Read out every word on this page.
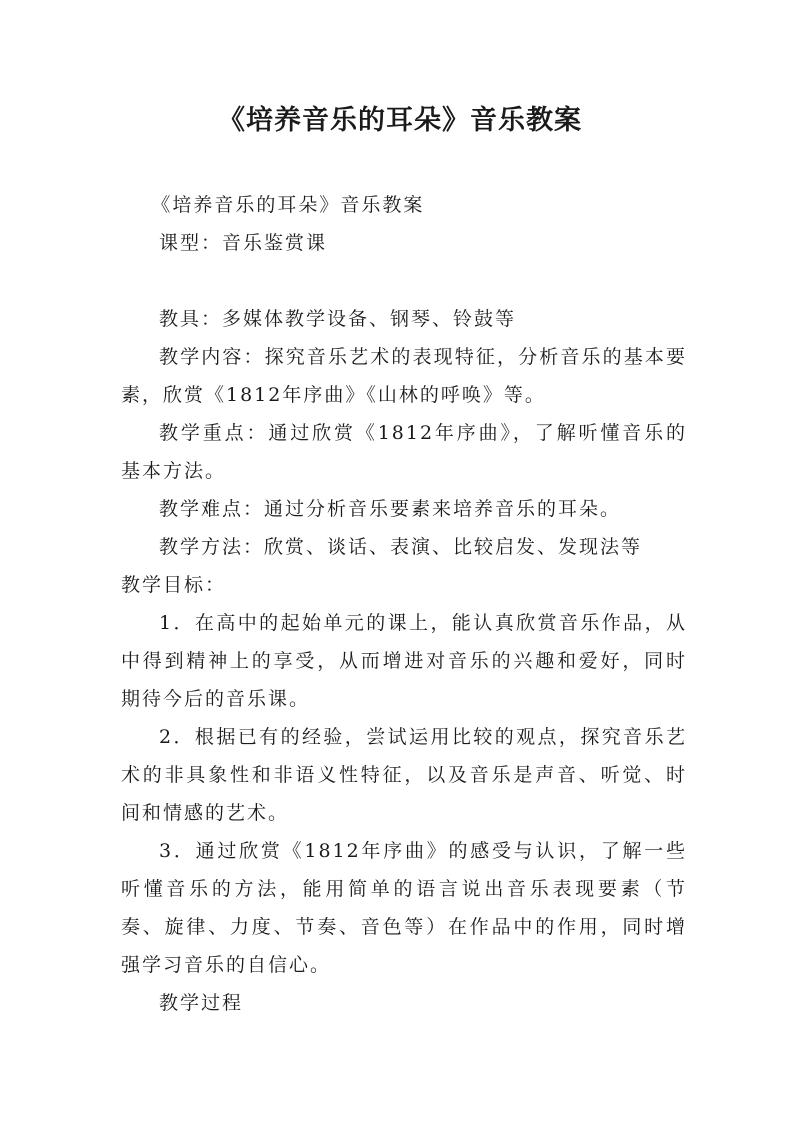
《培养音乐的耳朵》音乐教案

《培养音乐的耳朵》音乐教案

课型：音乐鉴赏课

教具：多媒体教学设备、钢琴、铃鼓等

教学内容：探究音乐艺术的表现特征，分析音乐的基本要素，欣赏《1812年序曲》《山林的呼唤》等。

教学重点：通过欣赏《1812年序曲》，了解听懂音乐的基本方法。

教学难点：通过分析音乐要素来培养音乐的耳朵。

教学方法：欣赏、谈话、表演、比较启发、发现法等

教学目标：

1．在高中的起始单元的课上，能认真欣赏音乐作品，从中得到精神上的享受，从而增进对音乐的兴趣和爱好，同时期待今后的音乐课。

2．根据已有的经验，尝试运用比较的观点，探究音乐艺术的非具象性和非语义性特征，以及音乐是声音、听觉、时间和情感的艺术。

3．通过欣赏《1812年序曲》的感受与认识，了解一些听懂音乐的方法，能用简单的语言说出音乐表现要素（节奏、旋律、力度、节奏、音色等）在作品中的作用，同时增强学习音乐的自信心。

教学过程
